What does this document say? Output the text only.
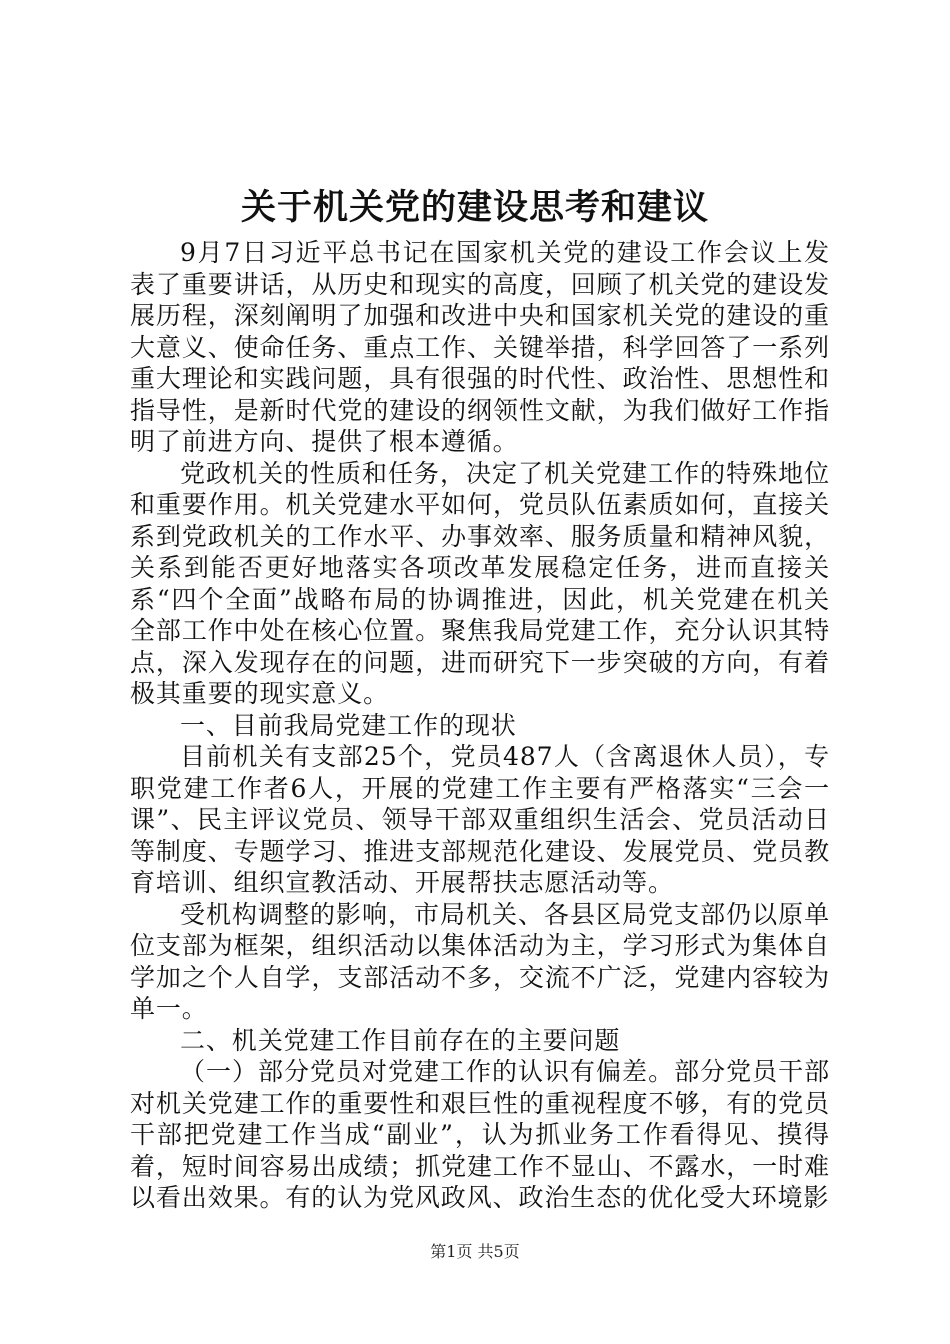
关于机关党的建设思考和建议

9月7日习近平总书记在国家机关党的建设工作会议上发表了重要讲话，从历史和现实的高度，回顾了机关党的建设发展历程，深刻阐明了加强和改进中央和国家机关党的建设的重大意义、使命任务、重点工作、关键举措，科学回答了一系列重大理论和实践问题，具有很强的时代性、政治性、思想性和指导性，是新时代党的建设的纲领性文献，为我们做好工作指明了前进方向、提供了根本遵循。

党政机关的性质和任务，决定了机关党建工作的特殊地位和重要作用。机关党建水平如何，党员队伍素质如何，直接关系到党政机关的工作水平、办事效率、服务质量和精神风貌，关系到能否更好地落实各项改革发展稳定任务，进而直接关系“四个全面”战略布局的协调推进，因此，机关党建在机关全部工作中处在核心位置。聚焦我局党建工作，充分认识其特点，深入发现存在的问题，进而研究下一步突破的方向，有着极其重要的现实意义。

一、目前我局党建工作的现状

目前机关有支部25个，党员487人（含离退休人员），专职党建工作者6人，开展的党建工作主要有严格落实“三会一课”、民主评议党员、领导干部双重组织生活会、党员活动日等制度、专题学习、推进支部规范化建设、发展党员、党员教育培训、组织宣教活动、开展帮扶志愿活动等。

受机构调整的影响，市局机关、各县区局党支部仍以原单位支部为框架，组织活动以集体活动为主，学习形式为集体自学加之个人自学，支部活动不多，交流不广泛，党建内容较为单一。

二、机关党建工作目前存在的主要问题

（一）部分党员对党建工作的认识有偏差。部分党员干部对机关党建工作的重要性和艰巨性的重视程度不够，有的党员干部把党建工作当成“副业”，认为抓业务工作看得见、摸得着，短时间容易出成绩；抓党建工作不显山、不露水，一时难以看出效果。有的认为党风政风、政治生态的优化受大环境影

第1页 共5页
